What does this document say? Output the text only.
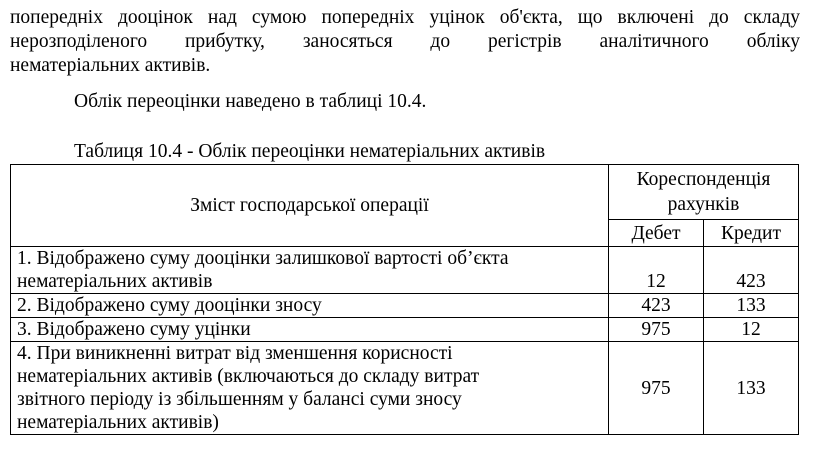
попередніх дооцінок над сумою попередніх уцінок об'єкта, що включені до складу

нерозподіленого прибутку, заносяться до регістрів аналітичного обліку

нематеріальних активів.

Облік переоцінки наведено в таблиці 10.4.

Таблиця 10.4 - Облік переоцінки нематеріальних активів

Зміст господарської операції	Кореспонденція рахунків	
	Дебет	Кредит

1. Відображено суму дооцінки залишкової вартості об’єкта
нематеріальних активів	12	423

2. Відображено суму дооцінки зносу	423	133

3. Відображено суму уцінки	975	12

4. При виникненні витрат від зменшення корисності
нематеріальних активів (включаються до складу витрат
звітного періоду із збільшенням у балансі суми зносу
нематеріальних активів)	975	133
